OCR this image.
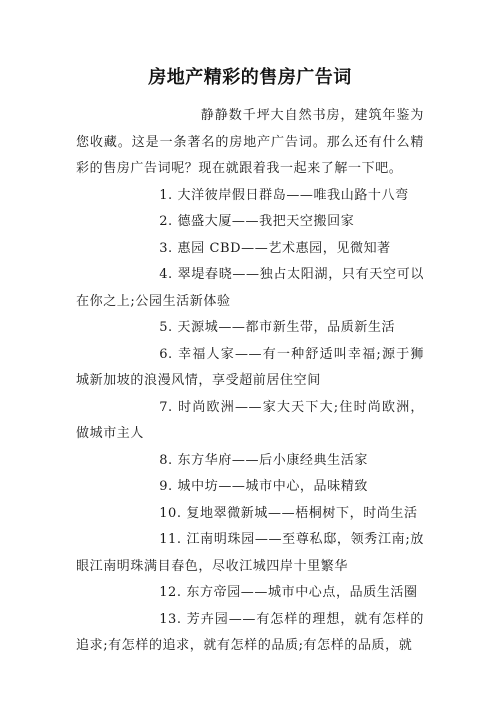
房地产精彩的售房广告词

静静数千坪大自然书房，建筑年鉴为您收藏。这是一条著名的房地产广告词。那么还有什么精彩的售房广告词呢？现在就跟着我一起来了解一下吧。

1. 大洋彼岸假日群岛——唯我山路十八弯

2. 德盛大厦——我把天空搬回家

3. 惠园 CBD——艺术惠园，见微知著

4. 翠堤春晓——独占太阳湖，只有天空可以在你之上;公园生活新体验

5. 天源城——都市新生带，品质新生活

6. 幸福人家——有一种舒适叫幸福;源于狮城新加坡的浪漫风情，享受超前居住空间

7. 时尚欧洲——家大天下大;住时尚欧洲，做城市主人

8. 东方华府——后小康经典生活家

9. 城中坊——城市中心，品味精致

10. 复地翠微新城——梧桐树下，时尚生活

11. 江南明珠园——至尊私邸，领秀江南;放眼江南明珠满目春色，尽收江城四岸十里繁华

12. 东方帝园——城市中心点，品质生活圈

13. 芳卉园——有怎样的理想，就有怎样的追求;有怎样的追求，就有怎样的品质;有怎样的品质，就
